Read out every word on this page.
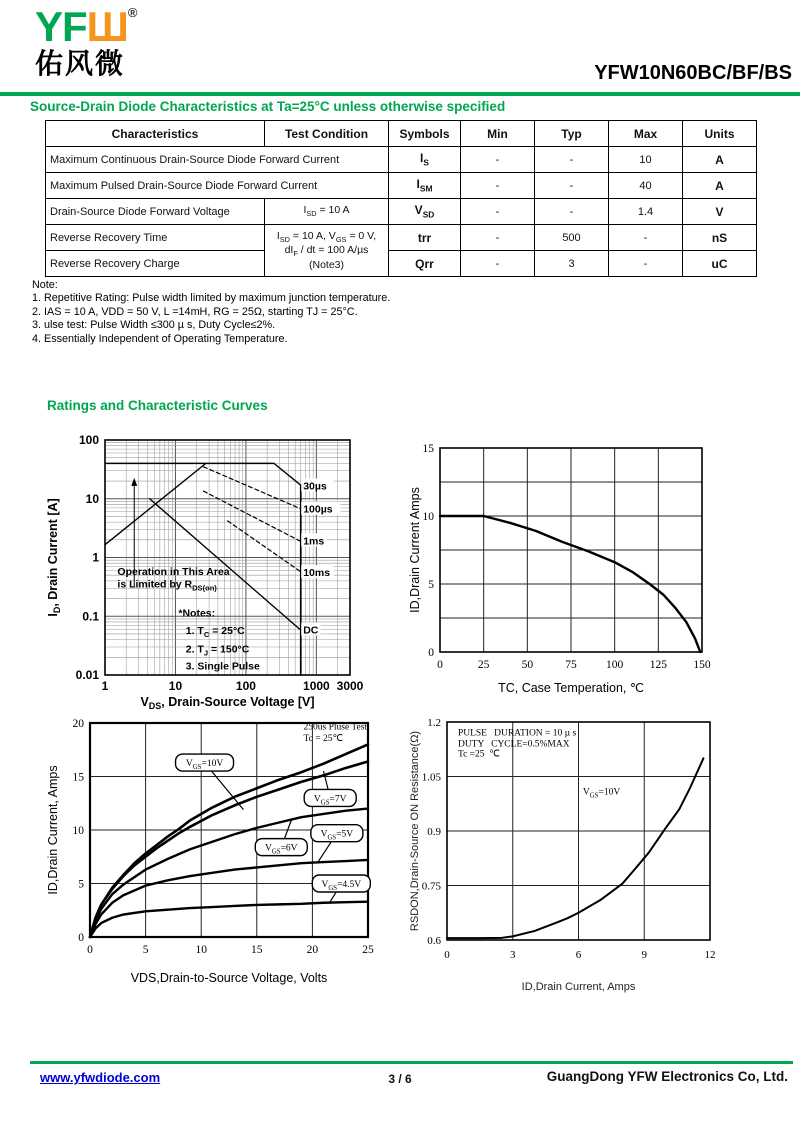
YFШ®
佑风微	YFW10N60BC/BF/BS
Source-Drain Diode Characteristics at Ta=25°C unless otherwise specified
Characteristics	Test Condition	Symbols	Min	Typ	Max	Units
Maximum Continuous Drain-Source Diode Forward Current		$I_S$	-	-	10	A
Maximum Pulsed Drain-Source Diode Forward Current		$I_{SM}$	-	-	40	A
Drain-Source Diode Forward Voltage	$I_{SD} = 10$ A	$V_{SD}$	-	-	1.4	V
Reverse Recovery Time	$I_{SD} = 10$ A, $V_{GS} = 0$ V,
$dI_F$ / dt = 100 A/µs
(Note3)	trr	-	500	-	nS
Reverse Recovery Charge		Qrr	-	3	-	uC
Note:
1. Repetitive Rating: Pulse width limited by maximum junction temperature.
2. IAS = 10 A, VDD = 50 V, L =14mH, RG = 25Ω, starting TJ = 25°C.
3. ulse test: Pulse Width ≤300 µ s, Duty Cycle≤2%.
4. Essentially Independent of Operating Temperature.
Ratings and Characteristic Curves
Operation in This Area
is Limited by $R_{DS(on)}$
*Notes:
1. $T_C = 25^\circ C$
2. $T_J = 150^\circ C$
3. Single Pulse
30µs
100µs
1ms
10ms
DC
1	10	100	1000 3000
100
10
1
0.1
0.01
$V_{DS}$, Drain-Source Voltage [V]
$I_D$, Drain Current [A]
0	25	50	75	100 125 150
0
5
10
15
TC, Case Temperation, ℃
ID,Drain Current Amps
250us Pluse Test
Tc = 25℃
$V_{GS}=10V$
$V_{GS}=7V$
$V_{GS}=6V$
$V_{GS}=5V$
$V_{GS}=4.5V$
0	5	10	15	20	25
0
5
10
15
20
VDS,Drain-to-Source Voltage, Volts
ID,Drain Current, Amps
PULSE   DURATION = 10 µ s
DUTY   CYCLE=0.5%MAX
Tc =25  ℃
$V_{GS}=10V$
0	3	6	9	12
0.6
0.75
0.9
1.05
1.2
ID,Drain Current, Amps
RSDON,Drain-Source ON Resistance(Ω)
www.yfwdiode.com	3 / 6	GuangDong YFW Electronics Co, Ltd.
